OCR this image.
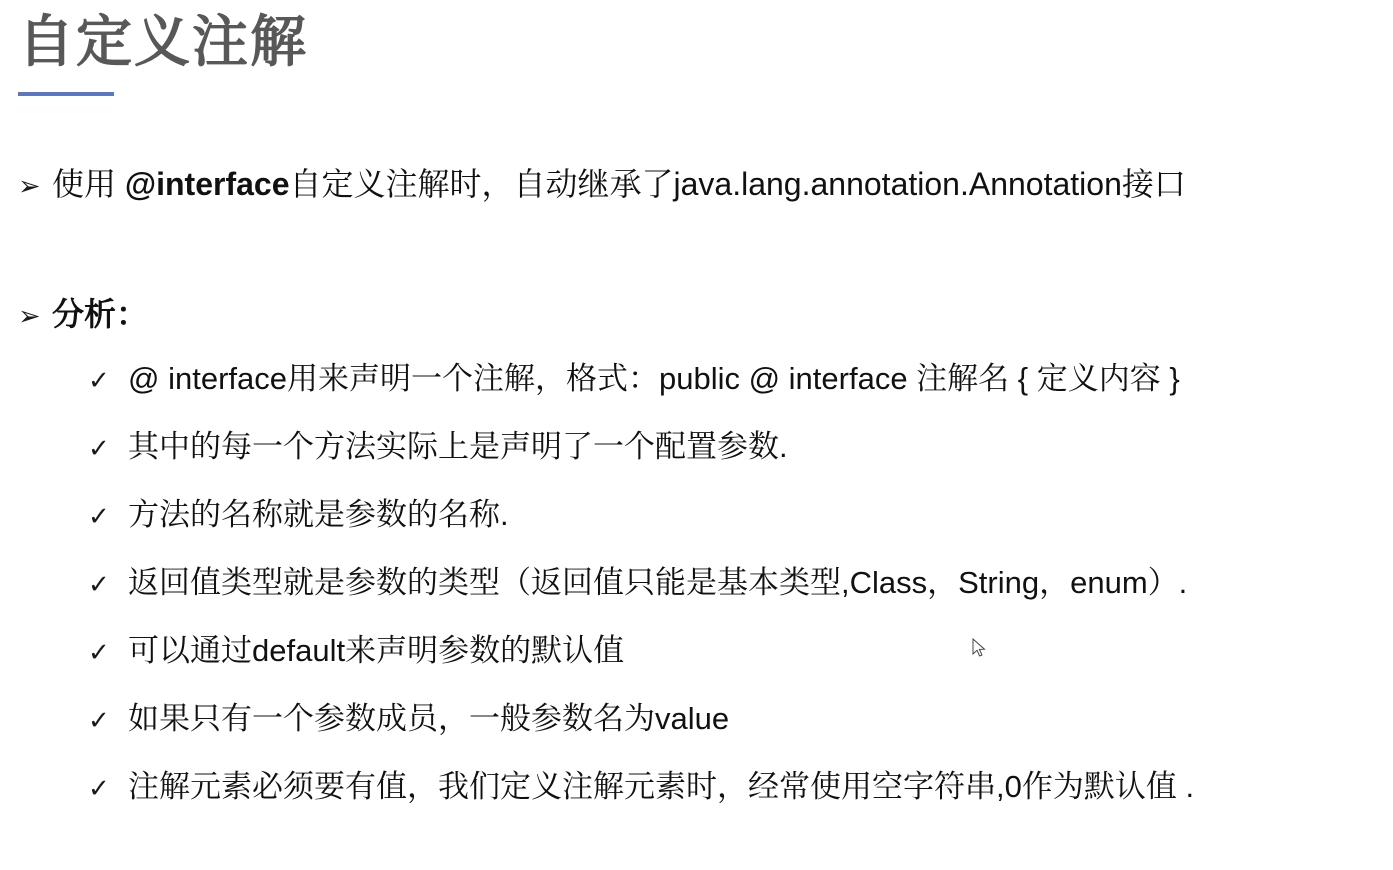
自定义注解
➢ 使用 @interface自定义注解时，自动继承了java.lang.annotation.Annotation接口
➢ 分析：
✓ @ interface用来声明一个注解，格式：public @ interface 注解名 { 定义内容 }
✓ 其中的每一个方法实际上是声明了一个配置参数.
✓ 方法的名称就是参数的名称.
✓ 返回值类型就是参数的类型（返回值只能是基本类型,Class，String，enum）.
✓ 可以通过default来声明参数的默认值
✓ 如果只有一个参数成员，一般参数名为value
✓ 注解元素必须要有值，我们定义注解元素时，经常使用空字符串,0作为默认值 .
